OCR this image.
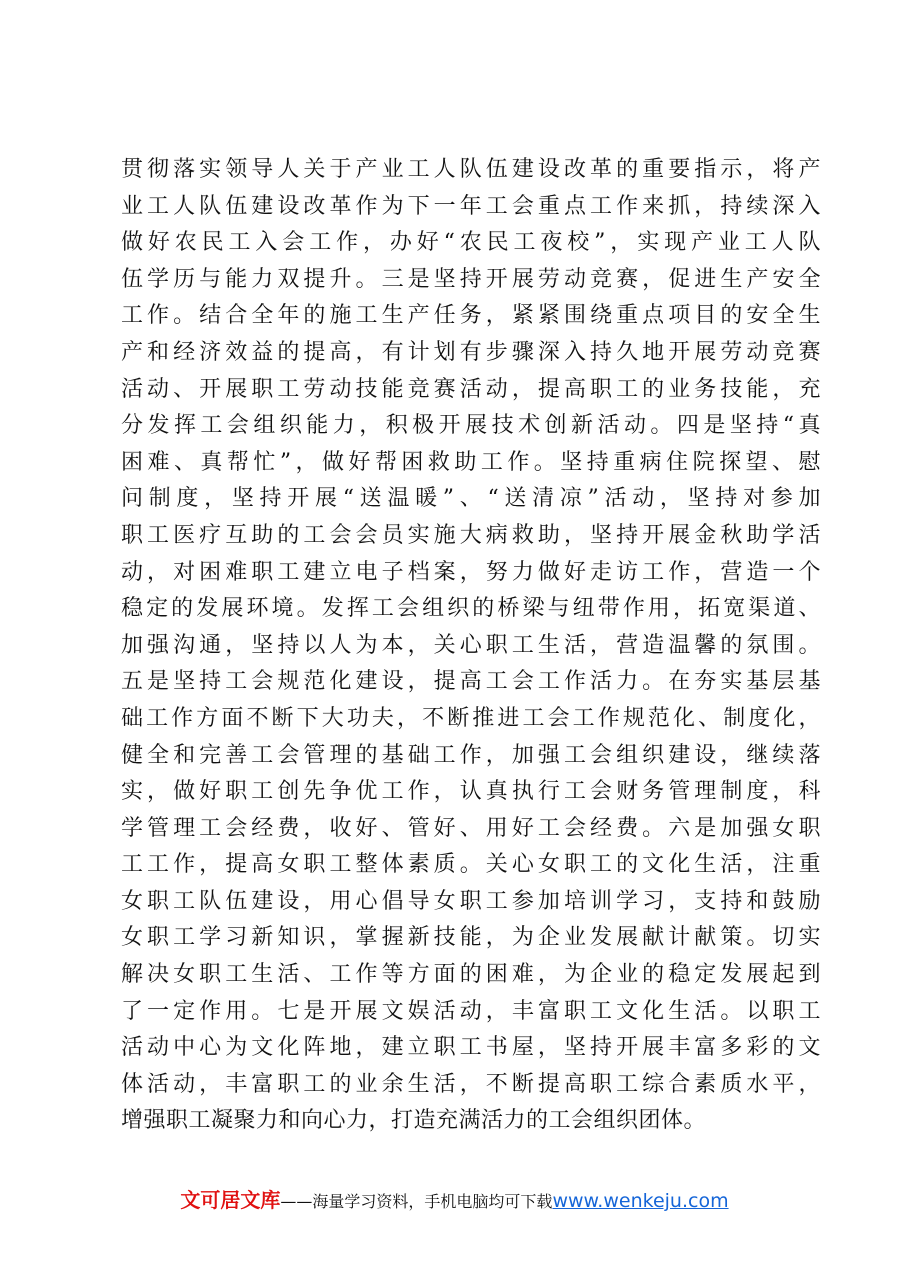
贯彻落实领导人关于产业工人队伍建设改革的重要指示，将产
业工人队伍建设改革作为下一年工会重点工作来抓，持续深入
做好农民工入会工作，办好“农民工夜校”，实现产业工人队
伍学历与能力双提升。三是坚持开展劳动竞赛，促进生产安全
工作。结合全年的施工生产任务，紧紧围绕重点项目的安全生
产和经济效益的提高，有计划有步骤深入持久地开展劳动竞赛
活动、开展职工劳动技能竞赛活动，提高职工的业务技能，充
分发挥工会组织能力，积极开展技术创新活动。四是坚持“真
困难、真帮忙”，做好帮困救助工作。坚持重病住院探望、慰
问制度，坚持开展“送温暖”、“送清凉”活动，坚持对参加
职工医疗互助的工会会员实施大病救助，坚持开展金秋助学活
动，对困难职工建立电子档案，努力做好走访工作，营造一个
稳定的发展环境。发挥工会组织的桥梁与纽带作用，拓宽渠道、
加强沟通，坚持以人为本，关心职工生活，营造温馨的氛围。
五是坚持工会规范化建设，提高工会工作活力。在夯实基层基
础工作方面不断下大功夫，不断推进工会工作规范化、制度化，
健全和完善工会管理的基础工作，加强工会组织建设，继续落
实，做好职工创先争优工作，认真执行工会财务管理制度，科
学管理工会经费，收好、管好、用好工会经费。六是加强女职
工工作，提高女职工整体素质。关心女职工的文化生活，注重
女职工队伍建设，用心倡导女职工参加培训学习，支持和鼓励
女职工学习新知识，掌握新技能，为企业发展献计献策。切实
解决女职工生活、工作等方面的困难，为企业的稳定发展起到
了一定作用。七是开展文娱活动，丰富职工文化生活。以职工
活动中心为文化阵地，建立职工书屋，坚持开展丰富多彩的文
体活动，丰富职工的业余生活，不断提高职工综合素质水平，
增强职工凝聚力和向心力，打造充满活力的工会组织团体。
文可居文库——海量学习资料，手机电脑均可下载www.wenkeju.com
